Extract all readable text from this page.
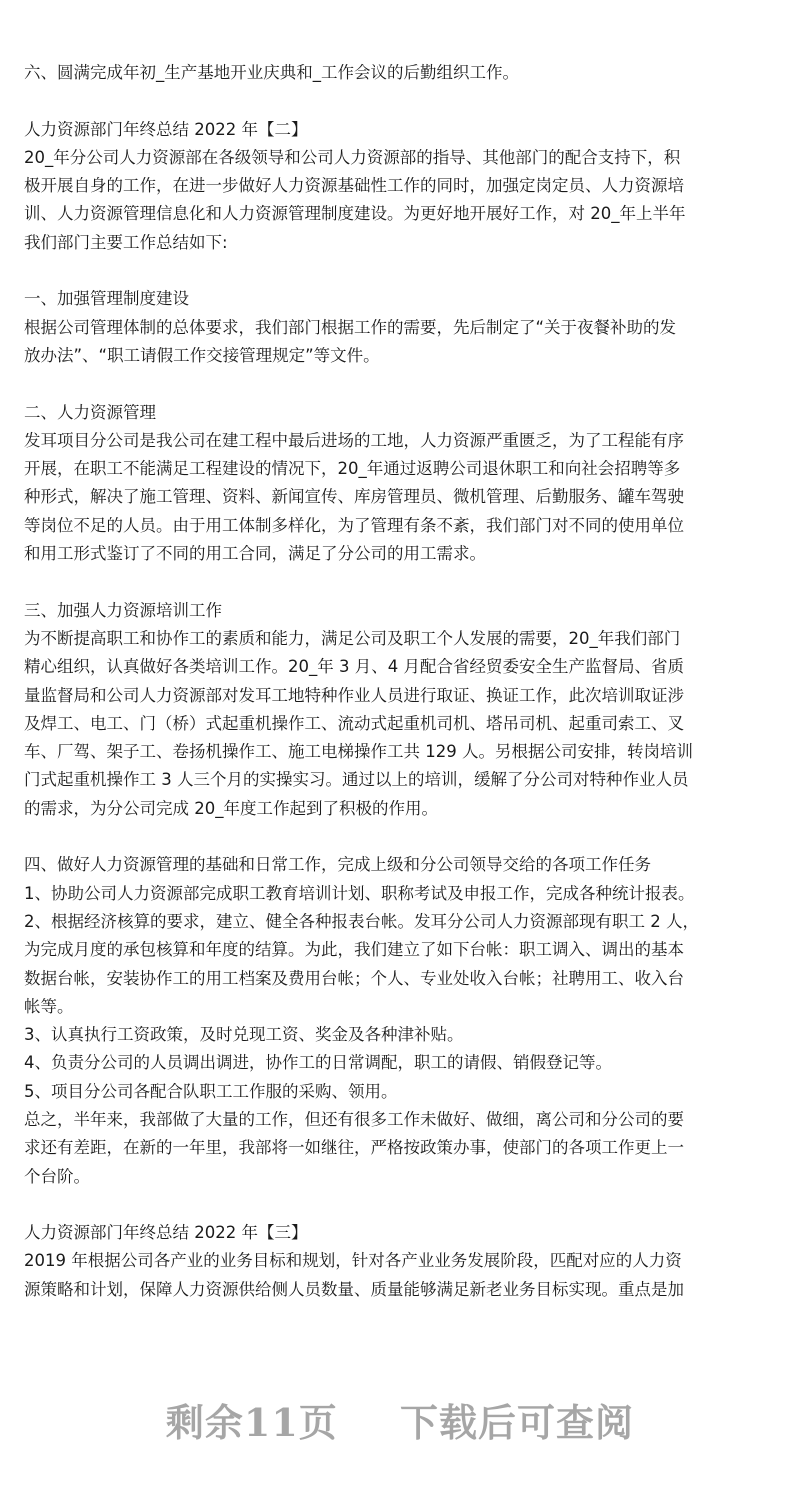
六、圆满完成年初_生产基地开业庆典和_工作会议的后勤组织工作。
人力资源部门年终总结 2022 年【二】
20_年分公司人力资源部在各级领导和公司人力资源部的指导、其他部门的配合支持下，积
极开展自身的工作，在进一步做好人力资源基础性工作的同时，加强定岗定员、人力资源培
训、人力资源管理信息化和人力资源管理制度建设。为更好地开展好工作，对 20_年上半年
我们部门主要工作总结如下:
一、加强管理制度建设
根据公司管理体制的总体要求，我们部门根据工作的需要，先后制定了“关于夜餐补助的发
放办法”、“职工请假工作交接管理规定”等文件。
二、人力资源管理
发耳项目分公司是我公司在建工程中最后进场的工地，人力资源严重匮乏，为了工程能有序
开展，在职工不能满足工程建设的情况下，20_年通过返聘公司退休职工和向社会招聘等多
种形式，解决了施工管理、资料、新闻宣传、库房管理员、微机管理、后勤服务、罐车驾驶
等岗位不足的人员。由于用工体制多样化，为了管理有条不紊，我们部门对不同的使用单位
和用工形式鉴订了不同的用工合同，满足了分公司的用工需求。
三、加强人力资源培训工作
为不断提高职工和协作工的素质和能力，满足公司及职工个人发展的需要，20_年我们部门
精心组织，认真做好各类培训工作。20_年 3 月、4 月配合省经贸委安全生产监督局、省质
量监督局和公司人力资源部对发耳工地特种作业人员进行取证、换证工作，此次培训取证涉
及焊工、电工、门（桥）式起重机操作工、流动式起重机司机、塔吊司机、起重司索工、叉
车、厂驾、架子工、卷扬机操作工、施工电梯操作工共 129 人。另根据公司安排，转岗培训
门式起重机操作工 3 人三个月的实操实习。通过以上的培训，缓解了分公司对特种作业人员
的需求，为分公司完成 20_年度工作起到了积极的作用。
四、做好人力资源管理的基础和日常工作，完成上级和分公司领导交给的各项工作任务
1、协助公司人力资源部完成职工教育培训计划、职称考试及申报工作，完成各种统计报表。
2、根据经济核算的要求，建立、健全各种报表台帐。发耳分公司人力资源部现有职工 2 人，
为完成月度的承包核算和年度的结算。为此，我们建立了如下台帐：职工调入、调出的基本
数据台帐，安装协作工的用工档案及费用台帐；个人、专业处收入台帐；社聘用工、收入台
帐等。
3、认真执行工资政策，及时兑现工资、奖金及各种津补贴。
4、负责分公司的人员调出调进，协作工的日常调配，职工的请假、销假登记等。
5、项目分公司各配合队职工工作服的采购、领用。
总之，半年来，我部做了大量的工作，但还有很多工作未做好、做细，离公司和分公司的要
求还有差距，在新的一年里，我部将一如继往，严格按政策办事，使部门的各项工作更上一
个台阶。
人力资源部门年终总结 2022 年【三】
2019 年根据公司各产业的业务目标和规划，针对各产业业务发展阶段，匹配对应的人力资
源策略和计划，保障人力资源供给侧人员数量、质量能够满足新老业务目标实现。重点是加
剩余11页 下载后可查阅
